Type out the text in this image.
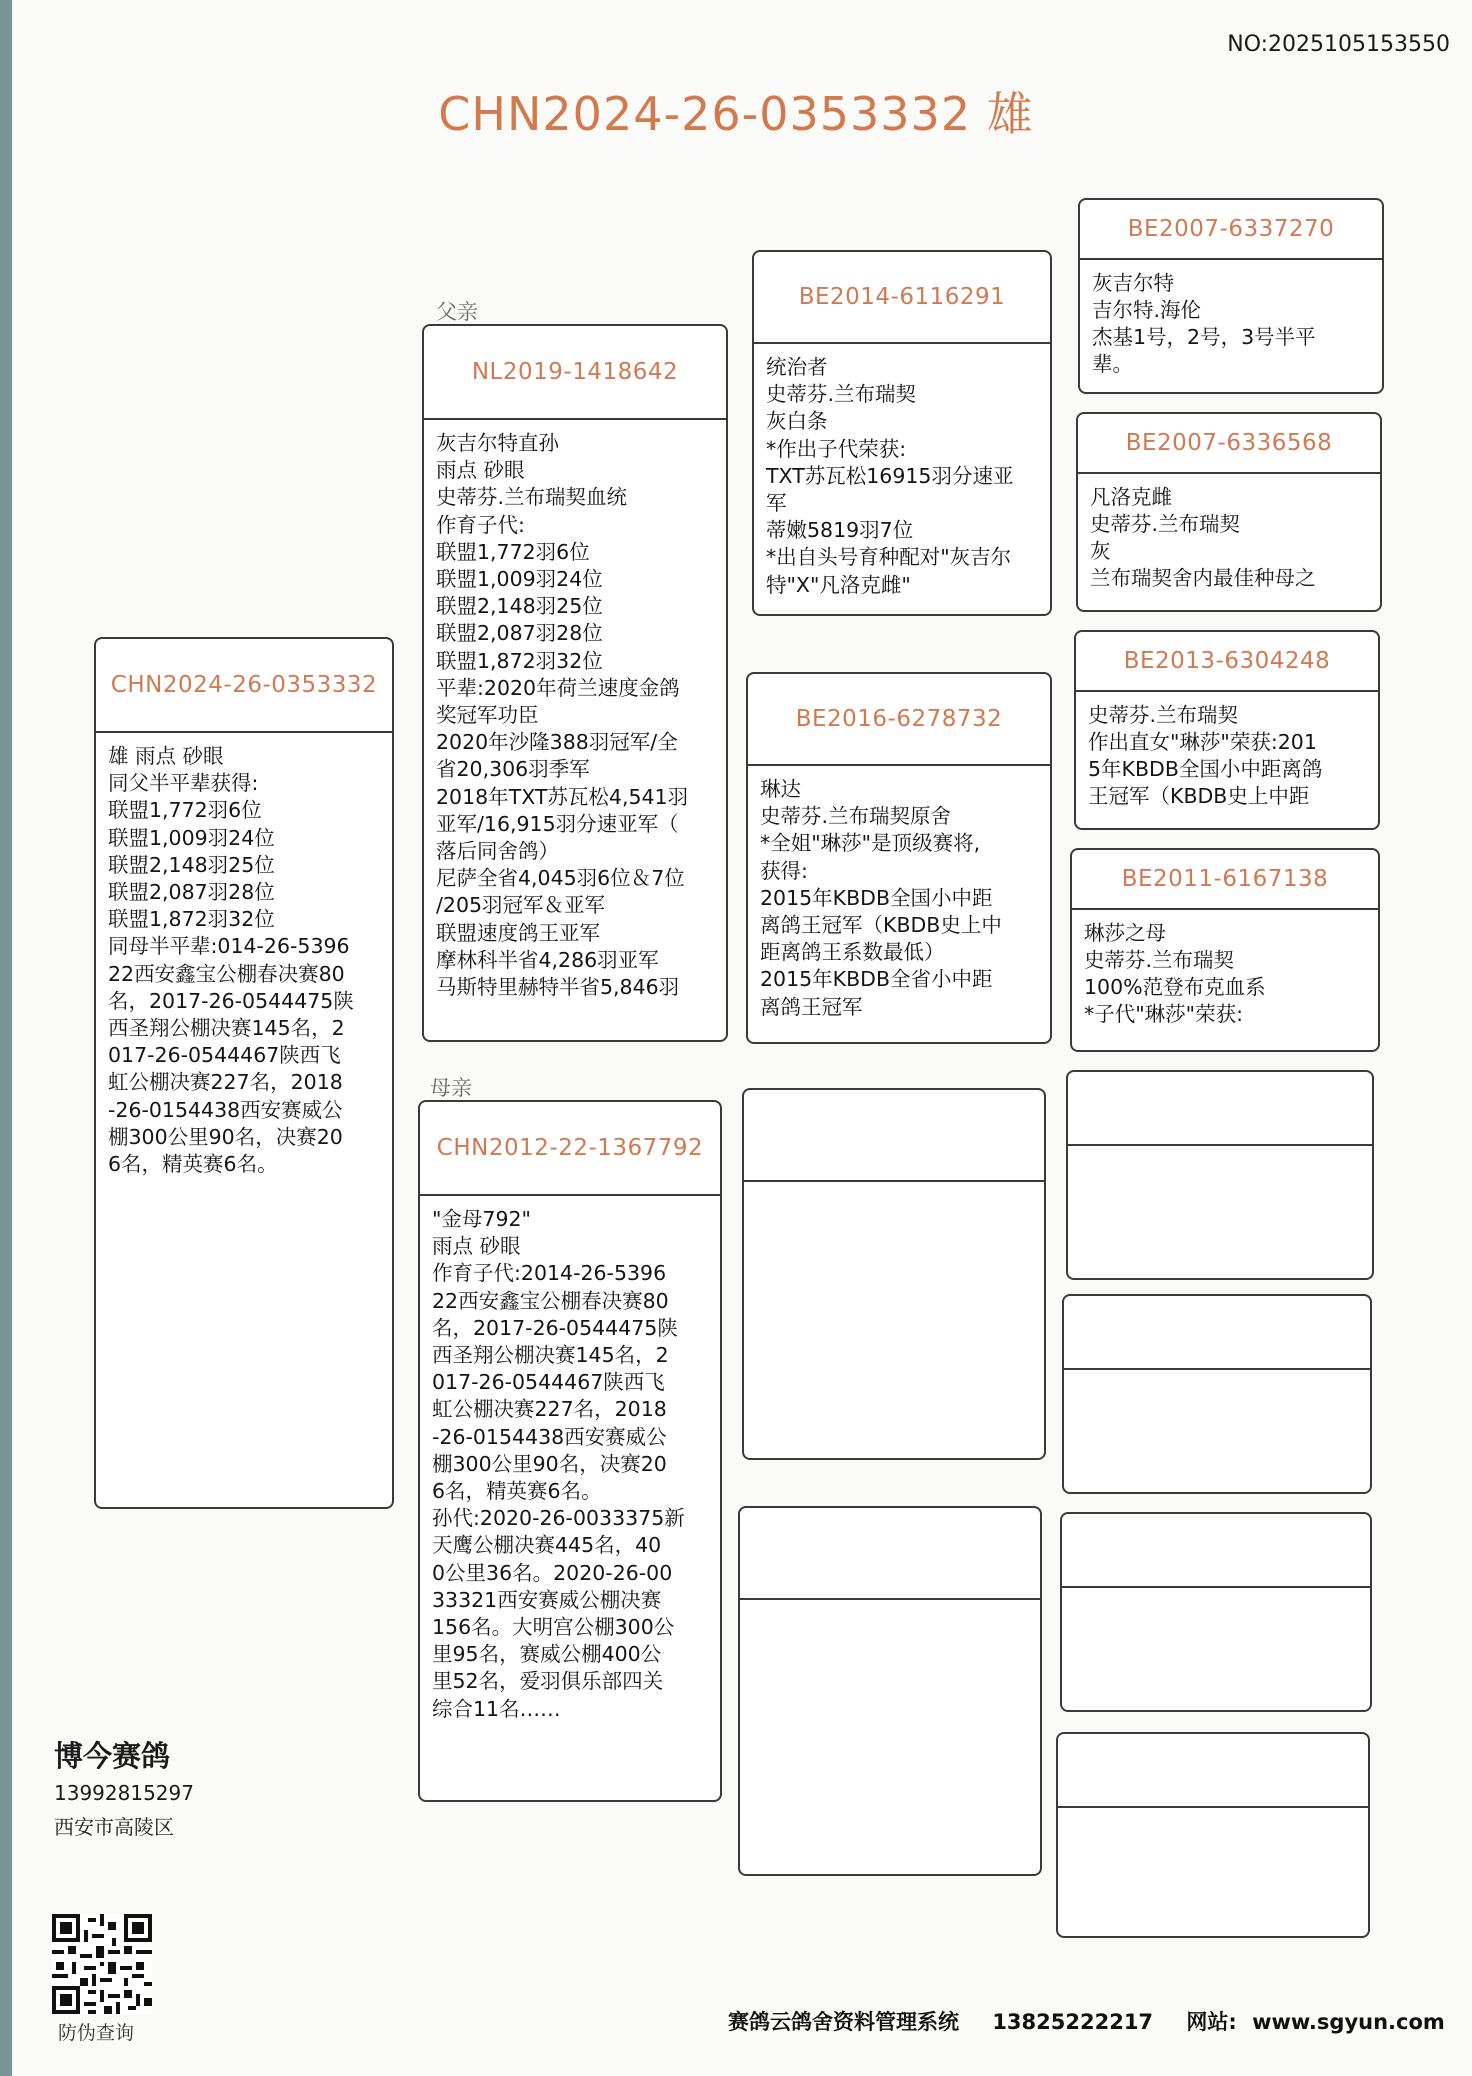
NO:2025105153550
CHN2024-26-0353332 雄
父亲
母亲
CHN2024-26-0353332
雄 雨点 砂眼
同父半平辈获得:
联盟1,772羽6位
联盟1,009羽24位
联盟2,148羽25位
联盟2,087羽28位
联盟1,872羽32位
同母半平辈:014-26-5396
22西安鑫宝公棚春决赛80
名，2017-26-0544475陕
西圣翔公棚决赛145名，2
017-26-0544467陕西飞
虹公棚决赛227名，2018
-26-0154438西安赛威公
棚300公里90名，决赛20
6名，精英赛6名。
NL2019-1418642
灰吉尔特直孙
雨点 砂眼
史蒂芬.兰布瑞契血统
作育子代:
联盟1,772羽6位
联盟1,009羽24位
联盟2,148羽25位
联盟2,087羽28位
联盟1,872羽32位
平辈:2020年荷兰速度金鸽
奖冠军功臣
2020年沙隆388羽冠军/全
省20,306羽季军
2018年TXT苏瓦松4,541羽
亚军/16,915羽分速亚军（
落后同舍鸽）
尼萨全省4,045羽6位＆7位
/205羽冠军＆亚军
联盟速度鸽王亚军
摩林科半省4,286羽亚军
马斯特里赫特半省5,846羽
CHN2012-22-1367792
"金母792"
雨点 砂眼
作育子代:2014-26-5396
22西安鑫宝公棚春决赛80
名，2017-26-0544475陕
西圣翔公棚决赛145名，2
017-26-0544467陕西飞
虹公棚决赛227名，2018
-26-0154438西安赛威公
棚300公里90名，决赛20
6名，精英赛6名。
孙代:2020-26-0033375新
天鹰公棚决赛445名，40
0公里36名。2020-26-00
33321西安赛威公棚决赛
156名。大明宫公棚300公
里95名，赛威公棚400公
里52名，爱羽俱乐部四关
综合11名……
BE2014-6116291
统治者
史蒂芬.兰布瑞契
灰白条
*作出子代荣获:
TXT苏瓦松16915羽分速亚
军
蒂嫩5819羽7位
*出自头号育种配对"灰吉尔
特"X"凡洛克雌"
BE2016-6278732
琳达
史蒂芬.兰布瑞契原舍
*全姐"琳莎"是顶级赛将,
获得:
2015年KBDB全国小中距
离鸽王冠军（KBDB史上中
距离鸽王系数最低）
2015年KBDB全省小中距
离鸽王冠军
BE2007-6337270
灰吉尔特
吉尔特.海伦
杰基1号，2号，3号半平
辈。
BE2007-6336568
凡洛克雌
史蒂芬.兰布瑞契
灰
兰布瑞契舍内最佳种母之
BE2013-6304248
史蒂芬.兰布瑞契
作出直女"琳莎"荣获:201
5年KBDB全国小中距离鸽
王冠军（KBDB史上中距
BE2011-6167138
琳莎之母
史蒂芬.兰布瑞契
100%范登布克血系
*子代"琳莎"荣获:
博今赛鸽
13992815297
西安市高陵区
防伪查询	赛鸽云鸽舍资料管理系统 13825222217 网站: www.sgyun.com
